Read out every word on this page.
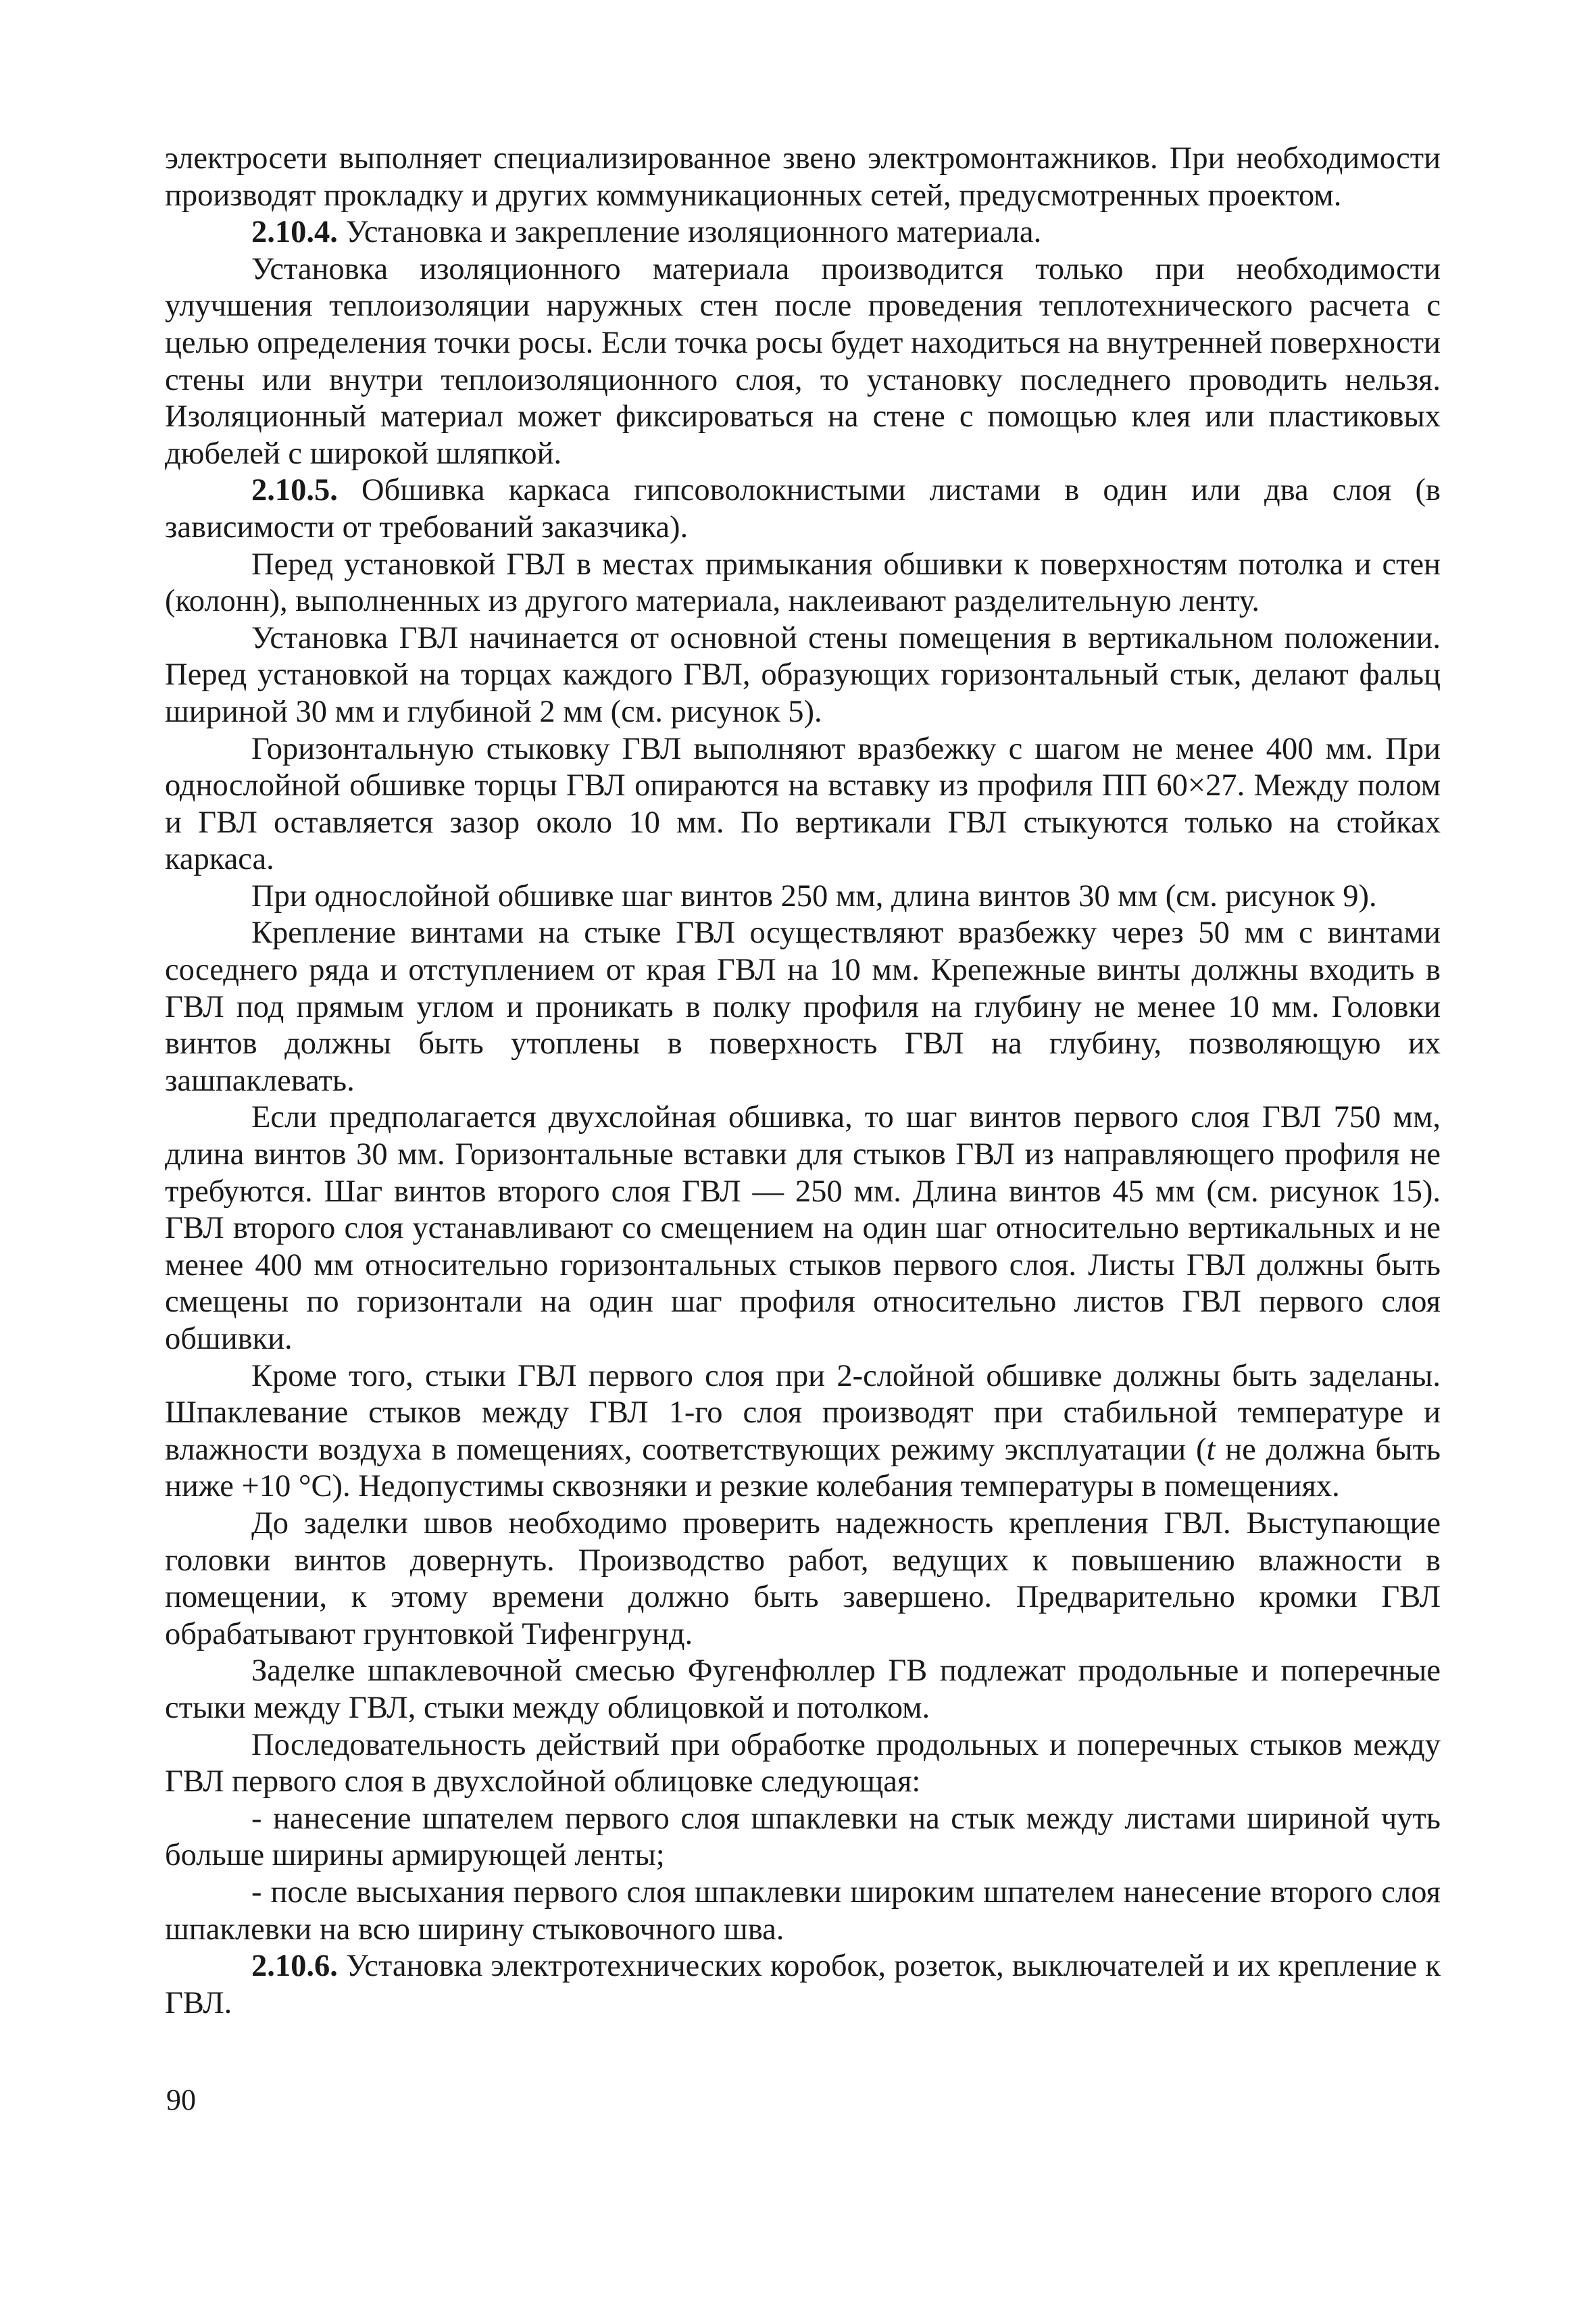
электросети выполняет специализированное звено электромонтажников. При необходимости производят прокладку и других коммуникационных сетей, предусмотренных проектом.

2.10.4. Установка и закрепление изоляционного материала.

Установка изоляционного материала производится только при необходимости улучшения теплоизоляции наружных стен после проведения теплотехнического расчета с целью определения точки росы. Если точка росы будет находиться на внутренней поверхности стены или внутри теплоизоляционного слоя, то установку последнего проводить нельзя. Изоляционный материал может фиксироваться на стене с помощью клея или пластиковых дюбелей с широкой шляпкой.

2.10.5. Обшивка каркаса гипсоволокнистыми листами в один или два слоя (в зависимости от требований заказчика).

Перед установкой ГВЛ в местах примыкания обшивки к поверхностям потолка и стен (колонн), выполненных из другого материала, наклеивают разделительную ленту.

Установка ГВЛ начинается от основной стены помещения в вертикальном положении. Перед установкой на торцах каждого ГВЛ, образующих горизонтальный стык, делают фальц шириной 30 мм и глубиной 2 мм (см. рисунок 5).

Горизонтальную стыковку ГВЛ выполняют вразбежку с шагом не менее 400 мм. При однослойной обшивке торцы ГВЛ опираются на вставку из профиля ПП 60×27. Между полом и ГВЛ оставляется зазор около 10 мм. По вертикали ГВЛ стыкуются только на стойках каркаса.

При однослойной обшивке шаг винтов 250 мм, длина винтов 30 мм (см. рисунок 9).

Крепление винтами на стыке ГВЛ осуществляют вразбежку через 50 мм с винтами соседнего ряда и отступлением от края ГВЛ на 10 мм. Крепежные винты должны входить в ГВЛ под прямым углом и проникать в полку профиля на глубину не менее 10 мм. Головки винтов должны быть утоплены в поверхность ГВЛ на глубину, позволяющую их зашпаклевать.

Если предполагается двухслойная обшивка, то шаг винтов первого слоя ГВЛ 750 мм, длина винтов 30 мм. Горизонтальные вставки для стыков ГВЛ из направляющего профиля не требуются. Шаг винтов второго слоя ГВЛ — 250 мм. Длина винтов 45 мм (см. рисунок 15). ГВЛ второго слоя устанавливают со смещением на один шаг относительно вертикальных и не менее 400 мм относительно горизонтальных стыков первого слоя. Листы ГВЛ должны быть смещены по горизонтали на один шаг профиля относительно листов ГВЛ первого слоя обшивки.

Кроме того, стыки ГВЛ первого слоя при 2-слойной обшивке должны быть заделаны. Шпаклевание стыков между ГВЛ 1-го слоя производят при стабильной температуре и влажности воздуха в помещениях, соответствующих режиму эксплуатации (t не должна быть ниже +10 °С). Недопустимы сквозняки и резкие колебания температуры в помещениях.

До заделки швов необходимо проверить надежность крепления ГВЛ. Выступающие головки винтов довернуть. Производство работ, ведущих к повышению влажности в помещении, к этому времени должно быть завершено. Предварительно кромки ГВЛ обрабатывают грунтовкой Тифенгрунд.

Заделке шпаклевочной смесью Фугенфюллер ГВ подлежат продольные и поперечные стыки между ГВЛ, стыки между облицовкой и потолком.

Последовательность действий при обработке продольных и поперечных стыков между ГВЛ первого слоя в двухслойной облицовке следующая:

- нанесение шпателем первого слоя шпаклевки на стык между листами шириной чуть больше ширины армирующей ленты;

- после высыхания первого слоя шпаклевки широким шпателем нанесение второго слоя шпаклевки на всю ширину стыковочного шва.

2.10.6. Установка электротехнических коробок, розеток, выключателей и их крепление к ГВЛ.

90
